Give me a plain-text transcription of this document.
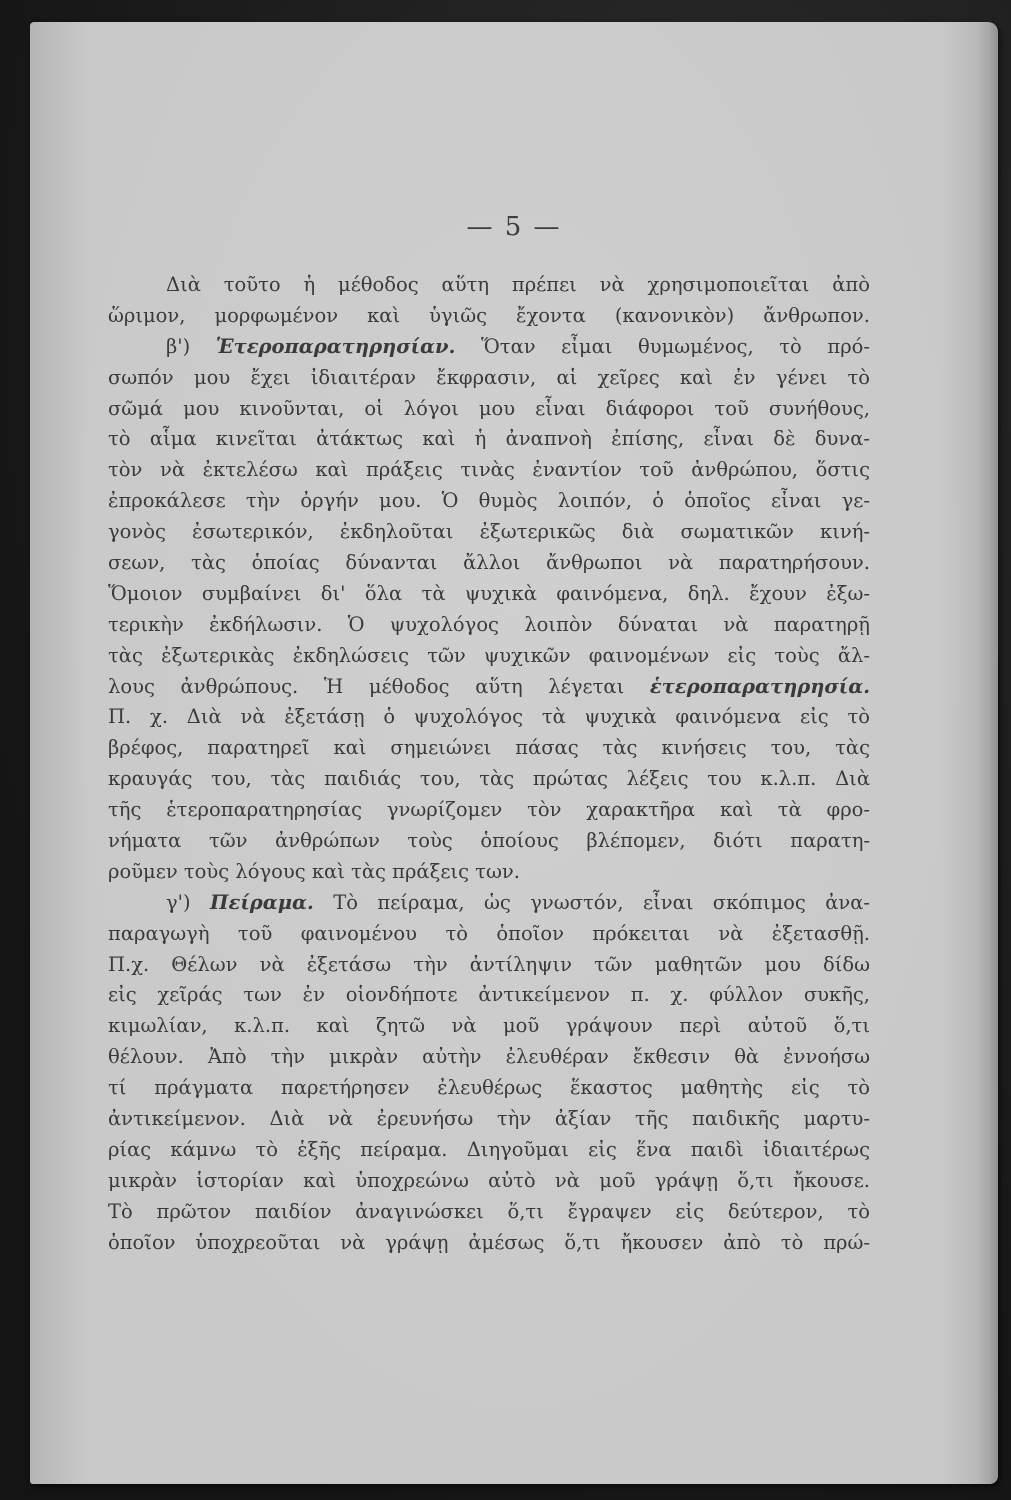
— 5 —
Διὰ τοῦτο ἡ μέθοδος αὕτη πρέπει νὰ χρησιμοποιεῖται ἀπὸ
ὥριμον, μορφωμένον καὶ ὑγιῶς ἔχοντα (κανονικὸν) ἄνθρωπον.
β') Ἑτεροπαρατηρησίαν. Ὅταν εἶμαι θυμωμένος, τὸ πρό-
σωπόν μου ἔχει ἰδιαιτέραν ἔκφρασιν, αἱ χεῖρες καὶ ἐν γένει τὸ
σῶμά μου κινοῦνται, οἱ λόγοι μου εἶναι διάφοροι τοῦ συνήθους,
τὸ αἷμα κινεῖται ἀτάκτως καὶ ἡ ἀναπνοὴ ἐπίσης, εἶναι δὲ δυνα-
τὸν νὰ ἐκτελέσω καὶ πράξεις τινὰς ἐναντίον τοῦ ἀνθρώπου, ὅστις
ἐπροκάλεσε τὴν ὀργήν μου. Ὁ θυμὸς λοιπόν, ὁ ὁποῖος εἶναι γε-
γονὸς ἐσωτερικόν, ἐκδηλοῦται ἐξωτερικῶς διὰ σωματικῶν κινή-
σεων, τὰς ὁποίας δύνανται ἄλλοι ἄνθρωποι νὰ παρατηρήσουν.
Ὅμοιον συμβαίνει δι' ὅλα τὰ ψυχικὰ φαινόμενα, δηλ. ἔχουν ἐξω-
τερικὴν ἐκδήλωσιν. Ὁ ψυχολόγος λοιπὸν δύναται νὰ παρατηρῇ
τὰς ἐξωτερικὰς ἐκδηλώσεις τῶν ψυχικῶν φαινομένων εἰς τοὺς ἄλ-
λους ἀνθρώπους. Ἡ μέθοδος αὕτη λέγεται ἑτεροπαρατηρησία.
Π. χ. Διὰ νὰ ἐξετάσῃ ὁ ψυχολόγος τὰ ψυχικὰ φαινόμενα εἰς τὸ
βρέφος, παρατηρεῖ καὶ σημειώνει πάσας τὰς κινήσεις του, τὰς
κραυγάς του, τὰς παιδιάς του, τὰς πρώτας λέξεις του κ.λ.π. Διὰ
τῆς ἑτεροπαρατηρησίας γνωρίζομεν τὸν χαρακτῆρα καὶ τὰ φρο-
νήματα τῶν ἀνθρώπων τοὺς ὁποίους βλέπομεν, διότι παρατη-
ροῦμεν τοὺς λόγους καὶ τὰς πράξεις των.
γ') Πείραμα. Τὸ πείραμα, ὡς γνωστόν, εἶναι σκόπιμος ἀνα-
παραγωγὴ τοῦ φαινομένου τὸ ὁποῖον πρόκειται νὰ ἐξετασθῇ.
Π.χ. Θέλων νὰ ἐξετάσω τὴν ἀντίληψιν τῶν μαθητῶν μου δίδω
εἰς χεῖράς των ἐν οἱονδήποτε ἀντικείμενον π. χ. φύλλον συκῆς,
κιμωλίαν, κ.λ.π. καὶ ζητῶ νὰ μοῦ γράψουν περὶ αὐτοῦ ὅ,τι
θέλουν. Ἀπὸ τὴν μικρὰν αὐτὴν ἐλευθέραν ἔκθεσιν θὰ ἐννοήσω
τί πράγματα παρετήρησεν ἐλευθέρως ἕκαστος μαθητὴς εἰς τὸ
ἀντικείμενον. Διὰ νὰ ἐρευνήσω τὴν ἀξίαν τῆς παιδικῆς μαρτυ-
ρίας κάμνω τὸ ἑξῆς πείραμα. Διηγοῦμαι εἰς ἕνα παιδὶ ἰδιαιτέρως
μικρὰν ἱστορίαν καὶ ὑποχρεώνω αὐτὸ νὰ μοῦ γράψῃ ὅ,τι ἤκουσε.
Τὸ πρῶτον παιδίον ἀναγινώσκει ὅ,τι ἔγραψεν εἰς δεύτερον, τὸ
ὁποῖον ὑποχρεοῦται νὰ γράψῃ ἀμέσως ὅ,τι ἤκουσεν ἀπὸ τὸ πρώ-
